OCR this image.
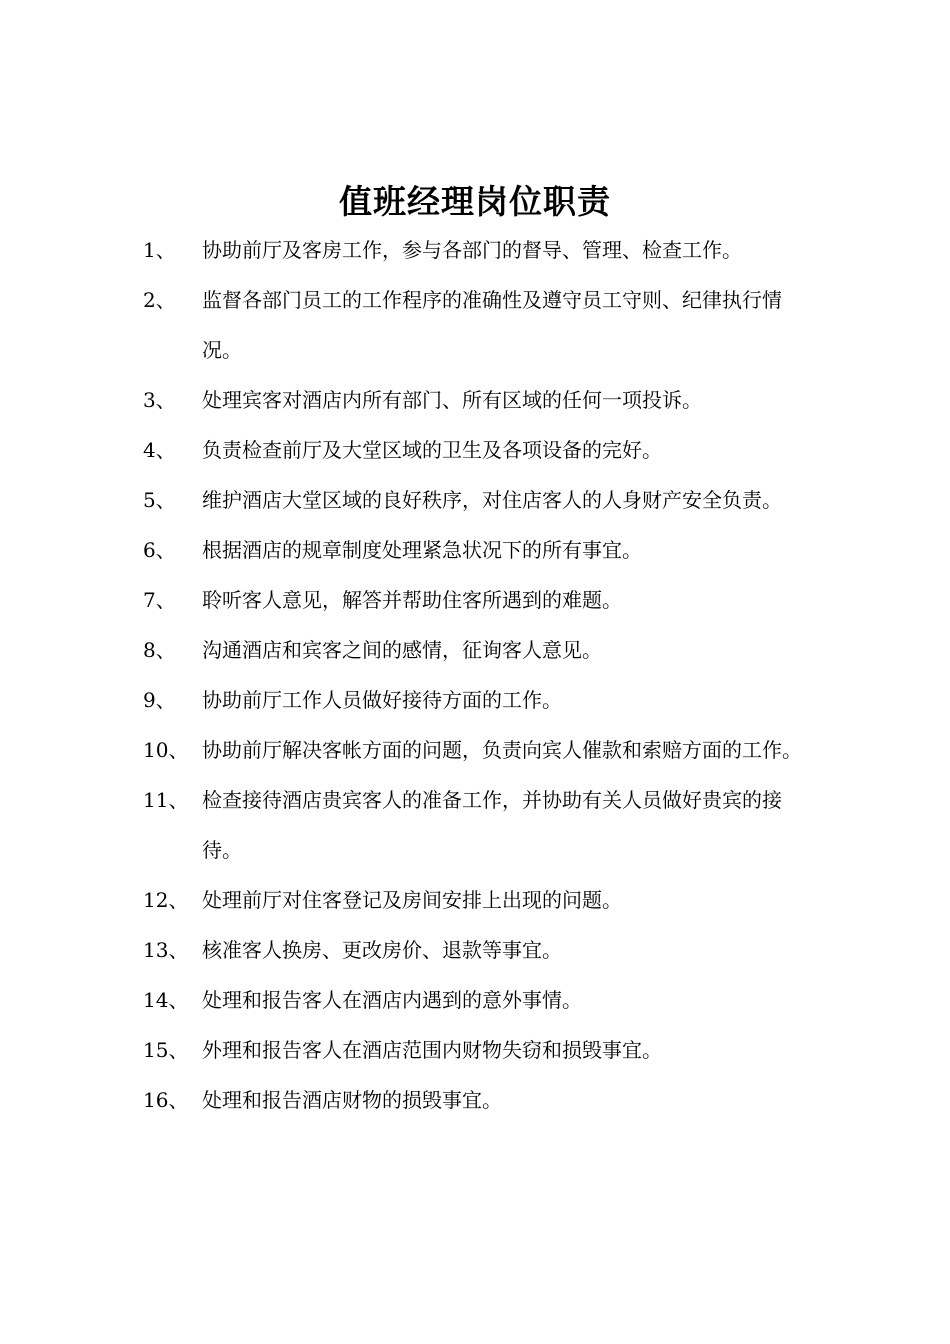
值班经理岗位职责
1、	协助前厅及客房工作，参与各部门的督导、管理、检查工作。
2、	监督各部门员工的工作程序的准确性及遵守员工守则、纪律执行情况。
3、	处理宾客对酒店内所有部门、所有区域的任何一项投诉。
4、	负责检查前厅及大堂区域的卫生及各项设备的完好。
5、	维护酒店大堂区域的良好秩序，对住店客人的人身财产安全负责。
6、	根据酒店的规章制度处理紧急状况下的所有事宜。
7、	聆听客人意见，解答并帮助住客所遇到的难题。
8、	沟通酒店和宾客之间的感情，征询客人意见。
9、	协助前厅工作人员做好接待方面的工作。
10、 协助前厅解决客帐方面的问题，负责向宾人催款和索赔方面的工作。
11、 检查接待酒店贵宾客人的准备工作，并协助有关人员做好贵宾的接待。
12、 处理前厅对住客登记及房间安排上出现的问题。
13、 核准客人换房、更改房价、退款等事宜。
14、 处理和报告客人在酒店内遇到的意外事情。
15、 外理和报告客人在酒店范围内财物失窃和损毁事宜。
16、 处理和报告酒店财物的损毁事宜。
